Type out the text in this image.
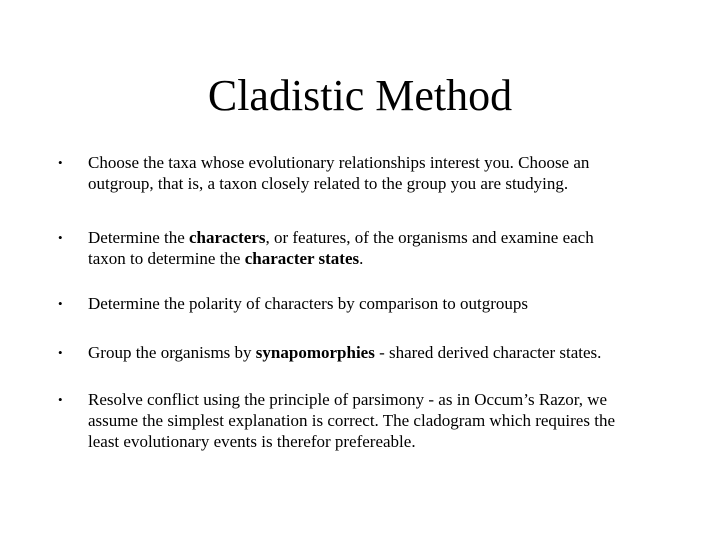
Cladistic Method
• Choose the taxa whose evolutionary relationships interest you. Choose an
outgroup, that is, a taxon closely related to the group you are studying.
• Determine the characters, or features, of the organisms and examine each
taxon to determine the character states.
• Determine the polarity of characters by comparison to outgroups
• Group the organisms by synapomorphies - shared derived character states.
• Resolve conflict using the principle of parsimony - as in Occum’s Razor, we
assume the simplest explanation is correct. The cladogram which requires the
least evolutionary events is therefor prefereable.
